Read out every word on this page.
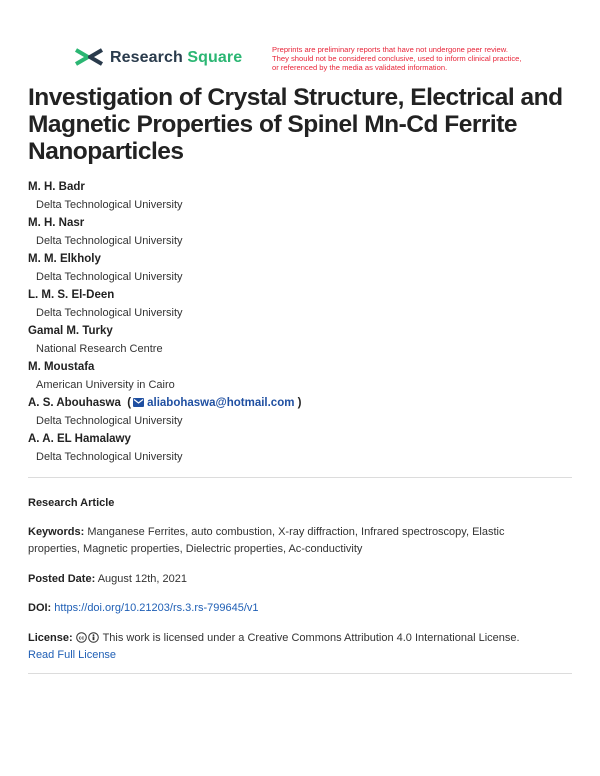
Research Square	Preprints are preliminary reports that have not undergone peer review.
They should not be considered conclusive, used to inform clinical practice,
or referenced by the media as validated information.
Investigation of Crystal Structure, Electrical and
Magnetic Properties of Spinel Mn-Cd Ferrite
Nanoparticles
M. H. Badr
Delta Technological University
M. H. Nasr
Delta Technological University
M. M. Elkholy
Delta Technological University
L. M. S. El-Deen
Delta Technological University
Gamal M. Turky
National Research Centre
M. Moustafa
American University in Cairo
A. S. Abouhaswa  ( aliabohaswa@hotmail.com )
Delta Technological University
A. A. EL Hamalawy
Delta Technological University
Research Article
Keywords: Manganese Ferrites, auto combustion, X-ray diffraction, Infrared spectroscopy, Elastic
properties, Magnetic properties, Dielectric properties, Ac-conductivity
Posted Date: August 12th, 2021
DOI: https://doi.org/10.21203/rs.3.rs-799645/v1
License: cc This work is licensed under a Creative Commons Attribution 4.0 International License.
Read Full License
